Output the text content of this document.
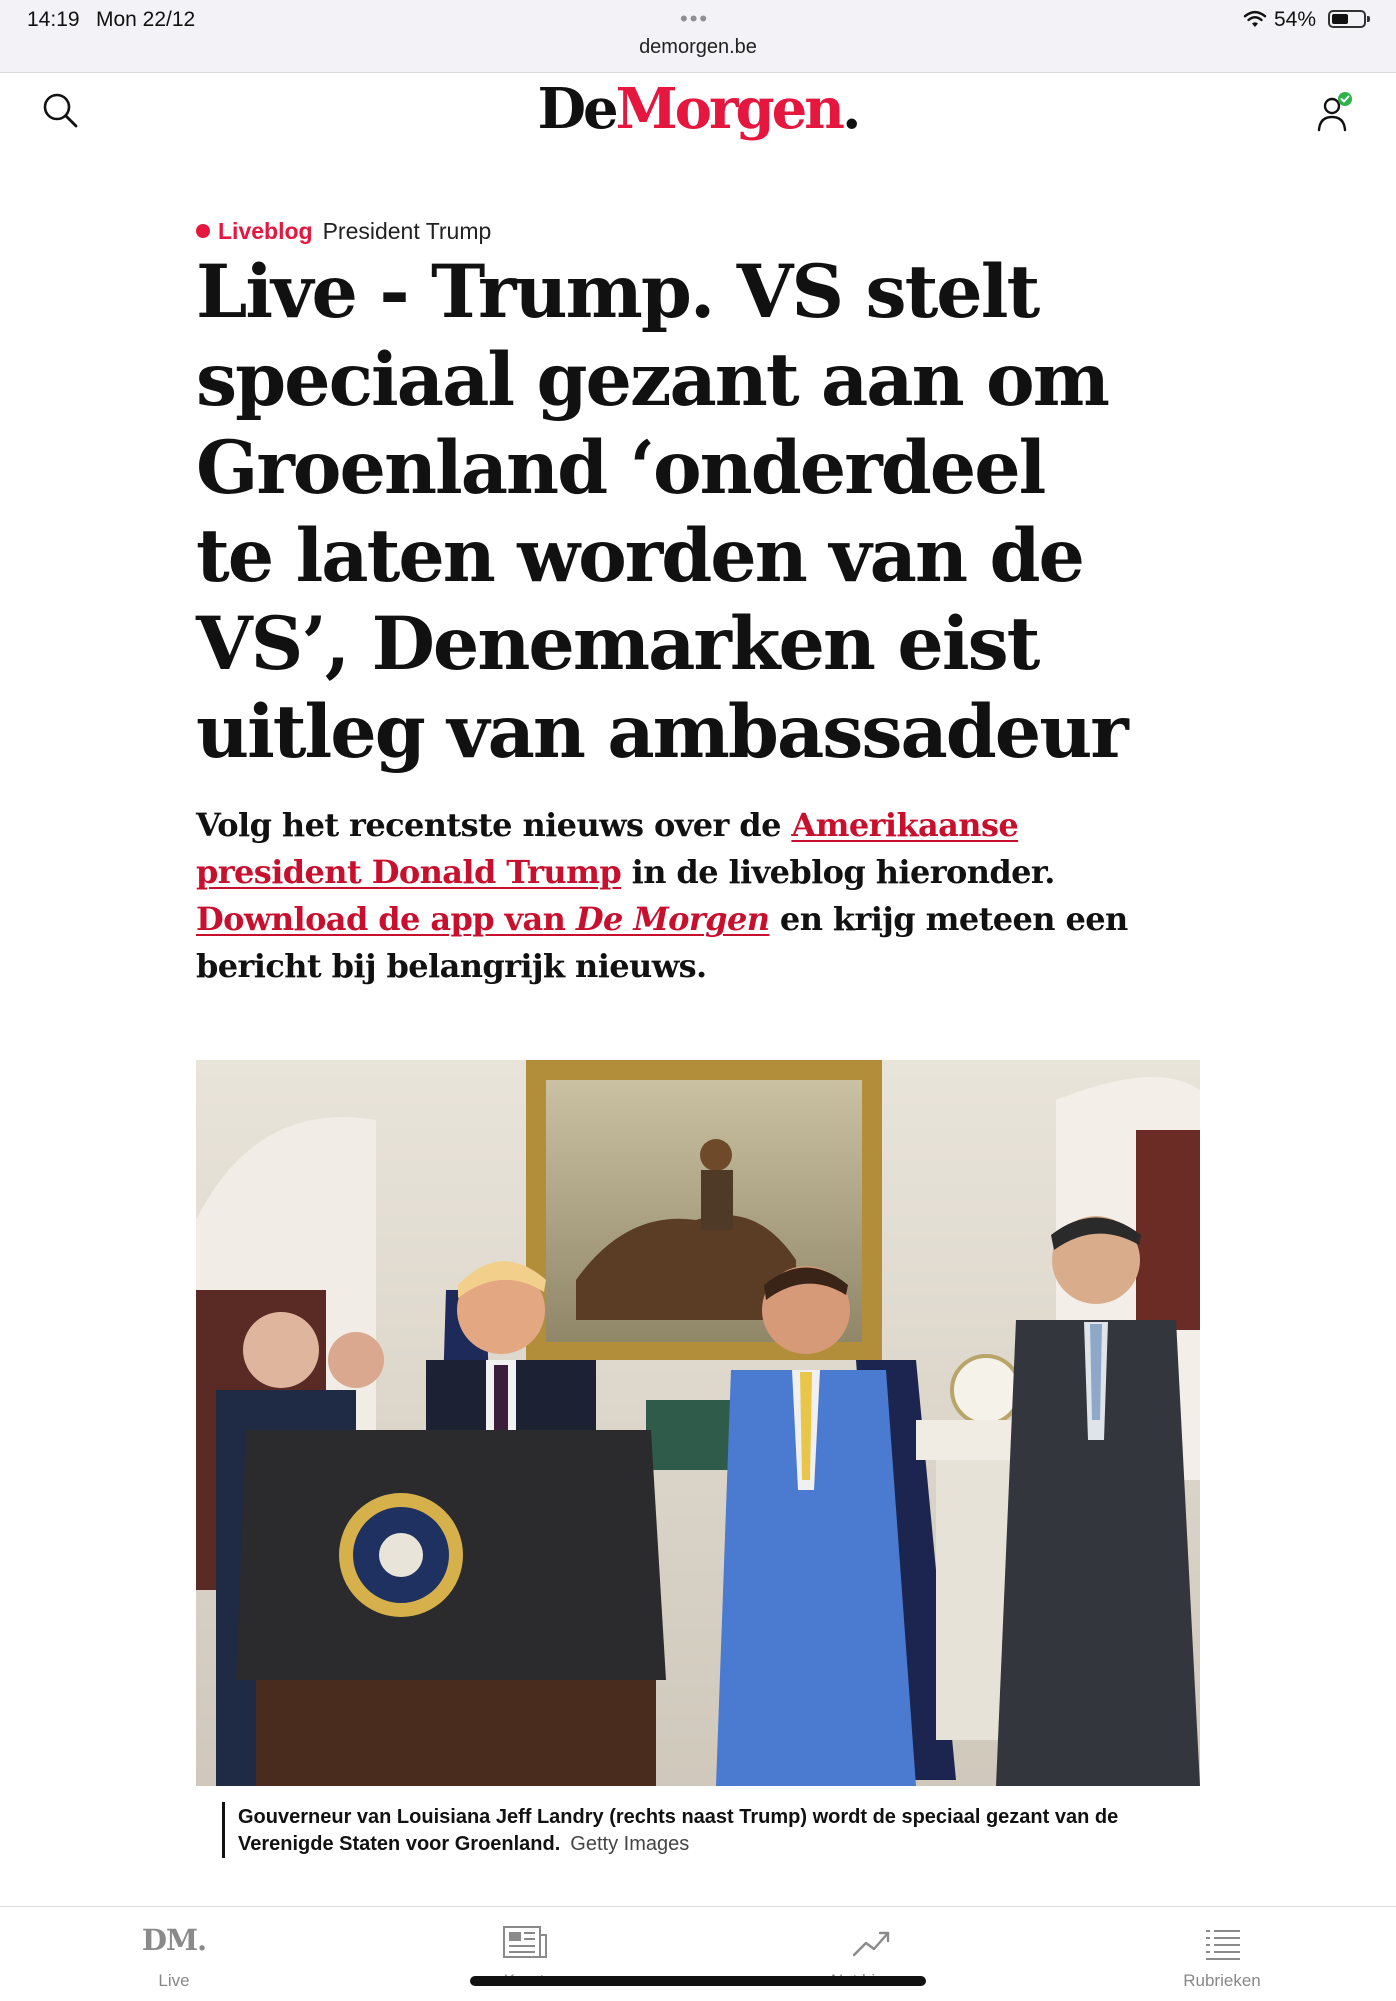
14:19 Mon 22/12	•••
demorgen.be
54%
DeMorgen.
Liveblog President Trump
Live - Trump. VS stelt speciaal gezant aan om Groenland ‘onderdeel te laten worden van de VS’, Denemarken eist uitleg van ambassadeur

Volg het recentste nieuws over de Amerikaanse president Donald Trump in de liveblog hieronder. Download de app van De Morgen en krijg meteen een bericht bij belangrijk nieuws.

Gouverneur van Louisiana Jeff Landry (rechts naast Trump) wordt de speciaal gezant van de Verenigde Staten voor Groenland. Getty Images
DM.
Live	Rubrieken
